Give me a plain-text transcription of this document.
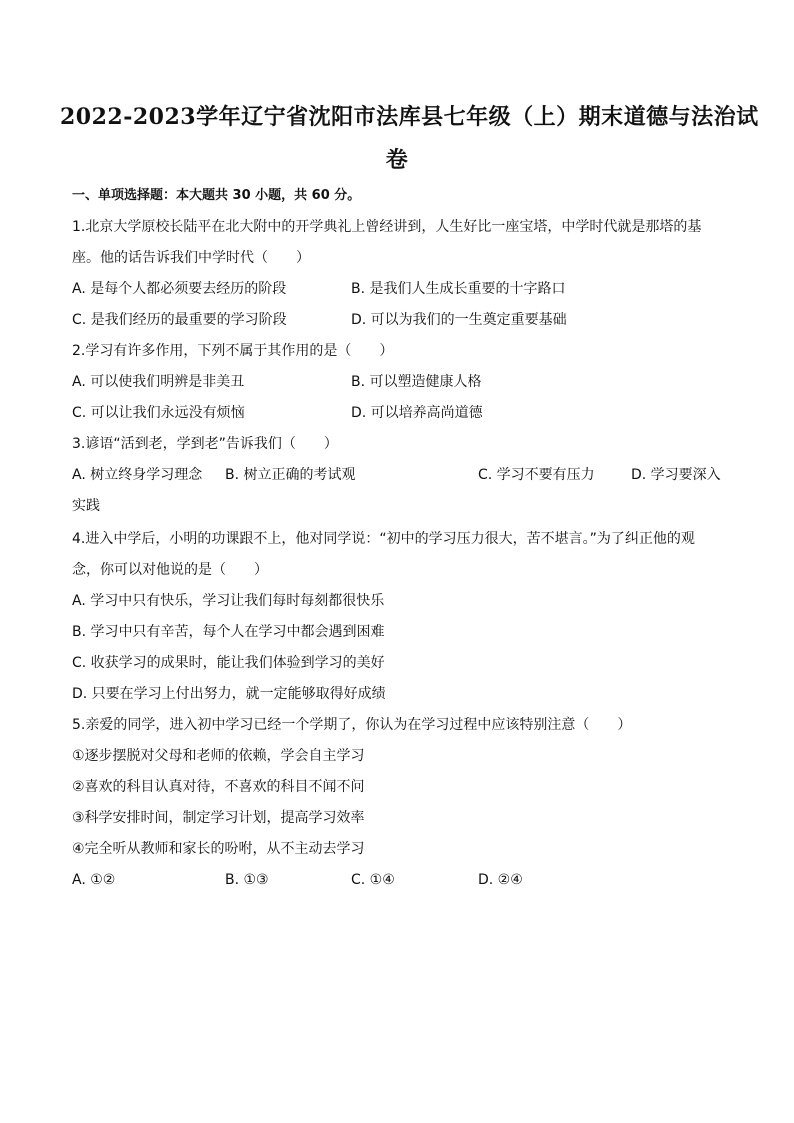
2022-2023学年辽宁省沈阳市法库县七年级（上）期末道德与法治试
卷
一、单项选择题：本大题共 30 小题，共 60 分。
1.北京大学原校长陆平在北大附中的开学典礼上曾经讲到，人生好比一座宝塔，中学时代就是那塔的基
座。他的话告诉我们中学时代（　　）
A. 是每个人都必须要去经历的阶段	B. 是我们人生成长重要的十字路口
C. 是我们经历的最重要的学习阶段	D. 可以为我们的一生奠定重要基础
2.学习有许多作用，下列不属于其作用的是（　　）
A. 可以使我们明辨是非美丑	B. 可以塑造健康人格
C. 可以让我们永远没有烦恼	D. 可以培养高尚道德
3.谚语“活到老，学到老”告诉我们（　　）
A. 树立终身学习理念 B. 树立正确的考试观	C. 学习不要有压力	D. 学习要深入
实践
4.进入中学后，小明的功课跟不上，他对同学说：“初中的学习压力很大，苦不堪言。”为了纠正他的观
念，你可以对他说的是（　　）
A. 学习中只有快乐，学习让我们每时每刻都很快乐
B. 学习中只有辛苦，每个人在学习中都会遇到困难
C. 收获学习的成果时，能让我们体验到学习的美好
D. 只要在学习上付出努力，就一定能够取得好成绩
5.亲爱的同学，进入初中学习已经一个学期了，你认为在学习过程中应该特别注意（　　）
①逐步摆脱对父母和老师的依赖，学会自主学习
②喜欢的科目认真对待，不喜欢的科目不闻不问
③科学安排时间，制定学习计划，提高学习效率
④完全听从教师和家长的吩咐，从不主动去学习
A. ①②	B. ①③	C. ①④	D. ②④
